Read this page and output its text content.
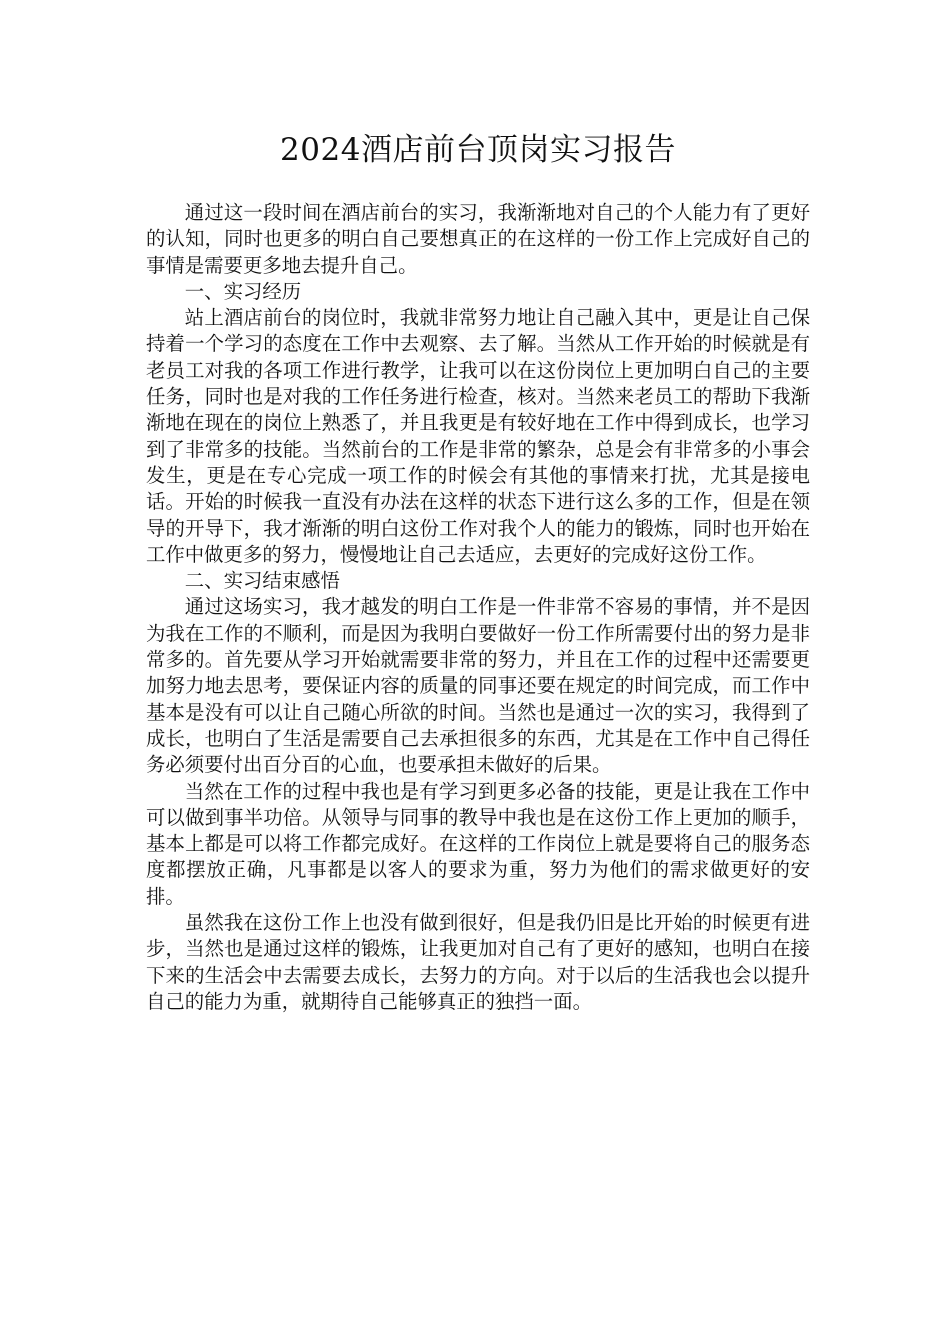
2024酒店前台顶岗实习报告

通过这一段时间在酒店前台的实习，我渐渐地对自己的个人能力有了更好的认知，同时也更多的明白自己要想真正的在这样的一份工作上完成好自己的事情是需要更多地去提升自己。

一、实习经历

站上酒店前台的岗位时，我就非常努力地让自己融入其中，更是让自己保持着一个学习的态度在工作中去观察、去了解。当然从工作开始的时候就是有老员工对我的各项工作进行教学，让我可以在这份岗位上更加明白自己的主要任务，同时也是对我的工作任务进行检查，核对。当然来老员工的帮助下我渐渐地在现在的岗位上熟悉了，并且我更是有较好地在工作中得到成长，也学习到了非常多的技能。当然前台的工作是非常的繁杂，总是会有非常多的小事会发生，更是在专心完成一项工作的时候会有其他的事情来打扰，尤其是接电话。开始的时候我一直没有办法在这样的状态下进行这么多的工作，但是在领导的开导下，我才渐渐的明白这份工作对我个人的能力的锻炼，同时也开始在工作中做更多的努力，慢慢地让自己去适应，去更好的完成好这份工作。

二、实习结束感悟

通过这场实习，我才越发的明白工作是一件非常不容易的事情，并不是因为我在工作的不顺利，而是因为我明白要做好一份工作所需要付出的努力是非常多的。首先要从学习开始就需要非常的努力，并且在工作的过程中还需要更加努力地去思考，要保证内容的质量的同事还要在规定的时间完成，而工作中基本是没有可以让自己随心所欲的时间。当然也是通过一次的实习，我得到了成长，也明白了生活是需要自己去承担很多的东西，尤其是在工作中自己得任务必须要付出百分百的心血，也要承担未做好的后果。

当然在工作的过程中我也是有学习到更多必备的技能，更是让我在工作中可以做到事半功倍。从领导与同事的教导中我也是在这份工作上更加的顺手，基本上都是可以将工作都完成好。在这样的工作岗位上就是要将自己的服务态度都摆放正确，凡事都是以客人的要求为重，努力为他们的需求做更好的安排。

虽然我在这份工作上也没有做到很好，但是我仍旧是比开始的时候更有进步，当然也是通过这样的锻炼，让我更加对自己有了更好的感知，也明白在接下来的生活会中去需要去成长，去努力的方向。对于以后的生活我也会以提升自己的能力为重，就期待自己能够真正的独挡一面。
